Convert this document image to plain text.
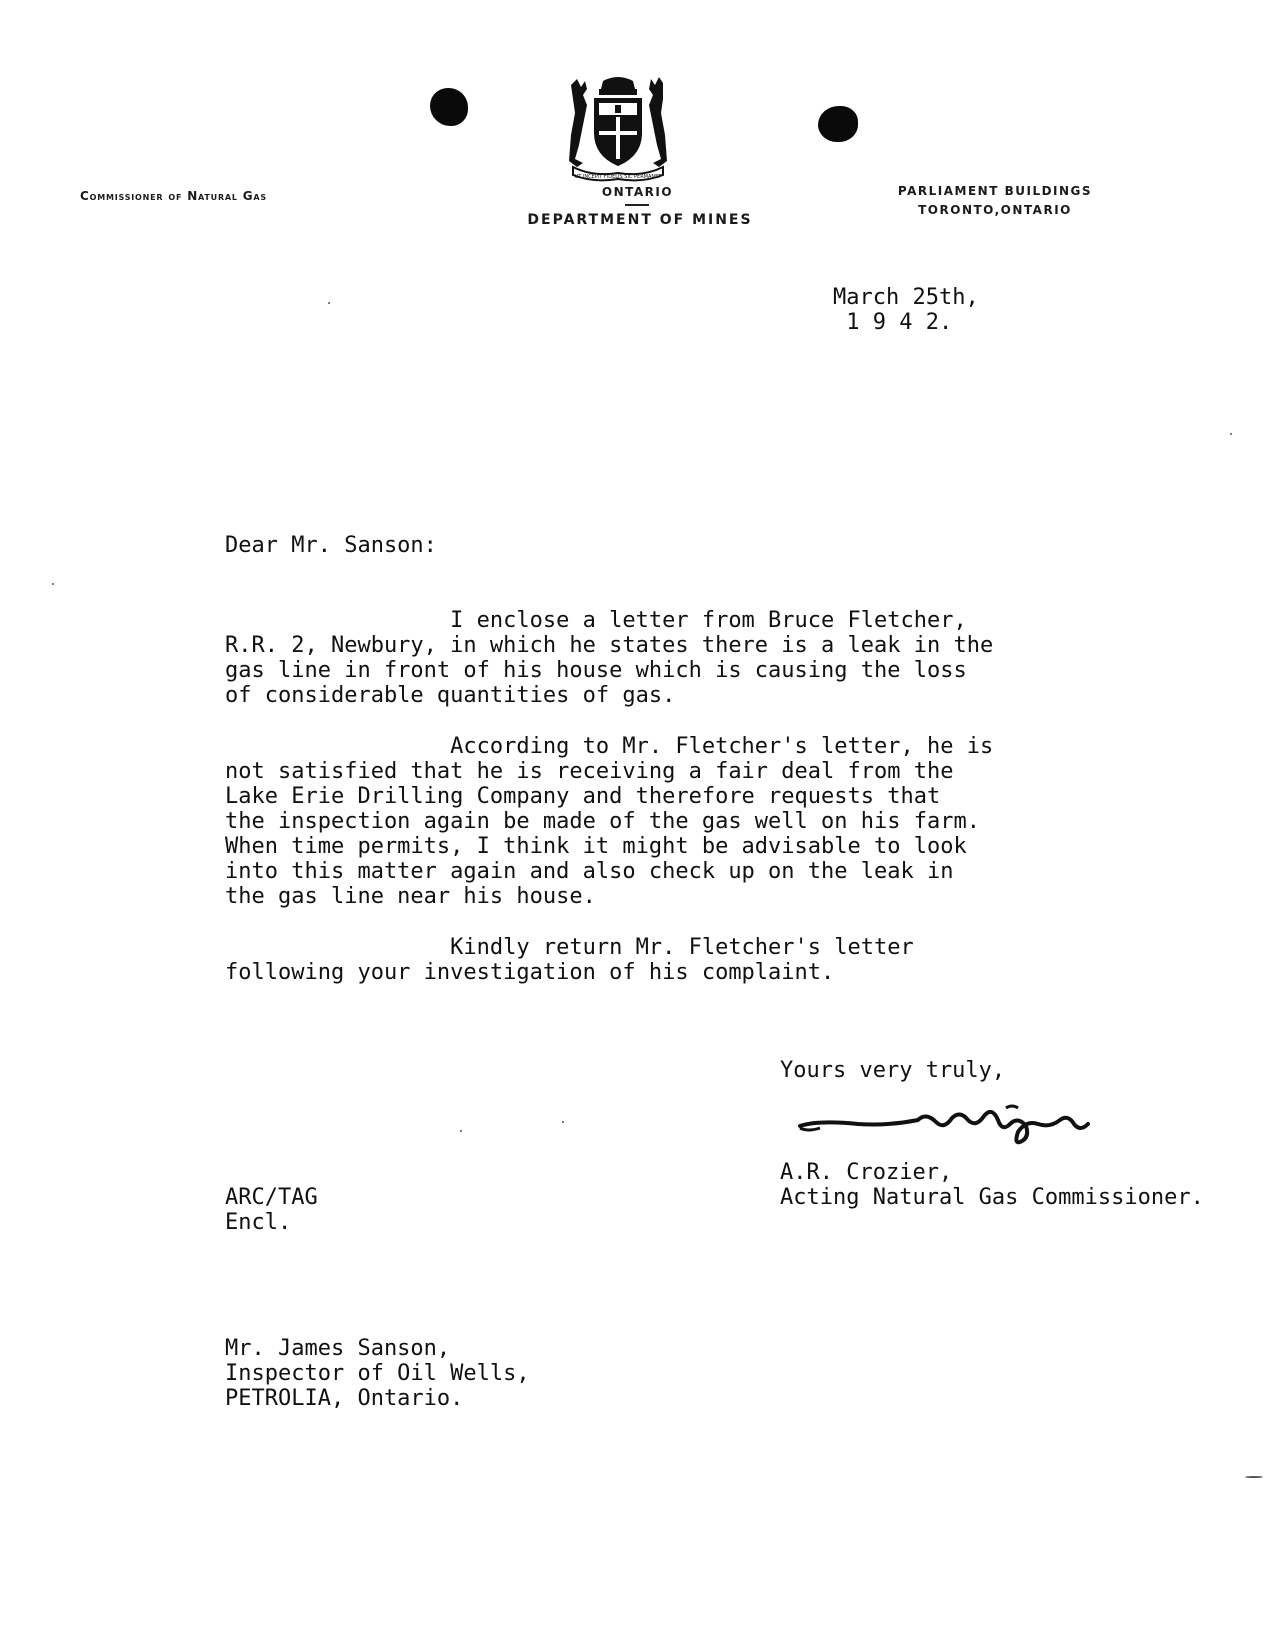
UT INCEPIT FIDELIS SIC PERMANET
Commissioner of Natural Gas	ONTARIO
DEPARTMENT OF MINES
PARLIAMENT BUILDINGS
TORONTO,ONTARIO
March 25th,
1 9 4 2.
Dear Mr. Sanson:
I enclose a letter from Bruce Fletcher,
R.R. 2, Newbury, in which he states there is a leak in the
gas line in front of his house which is causing the loss
of considerable quantities of gas.
According to Mr. Fletcher's letter, he is
not satisfied that he is receiving a fair deal from the
Lake Erie Drilling Company and therefore requests that
the inspection again be made of the gas well on his farm.
When time permits, I think it might be advisable to look
into this matter again and also check up on the leak in
the gas line near his house.
Kindly return Mr. Fletcher's letter
following your investigation of his complaint.
Yours very truly,
A.R. Crozier,
Acting Natural Gas Commissioner.
ARC/TAG
Encl.
Mr. James Sanson,
Inspector of Oil Wells,
PETROLIA, Ontario.
